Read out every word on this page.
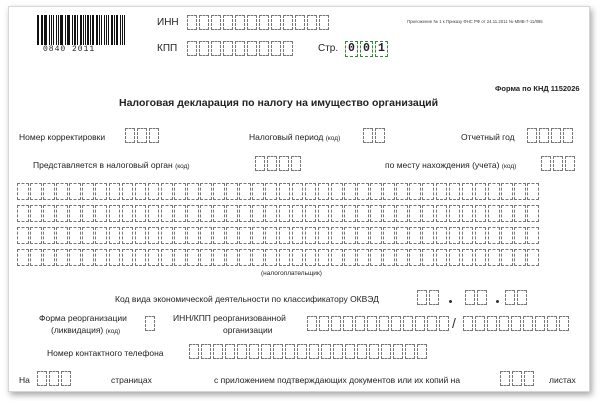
0840 2011
ИНН
КПП	Стр. 0 0 1
Приложение № 1 к Приказу ФНС РФ от 24.11.2011 № ММВ-7-11/895
Форма по КНД 1152026
Налоговая декларация по налогу на имущество организаций
Номер корректировки	Налоговый период (код)	Отчетный год
Представляется в налоговый орган (код)	по месту нахождения (учета) (код)
(налогоплательщик)
Код вида экономической деятельности по классификатору ОКВЭД
Форма реорганизации
(ликвидация) (код)
ИНН/КПП реорганизованной
организации	/
Номер контактного телефона
На	страницах	с приложением подтверждающих документов или их копий на	листах
